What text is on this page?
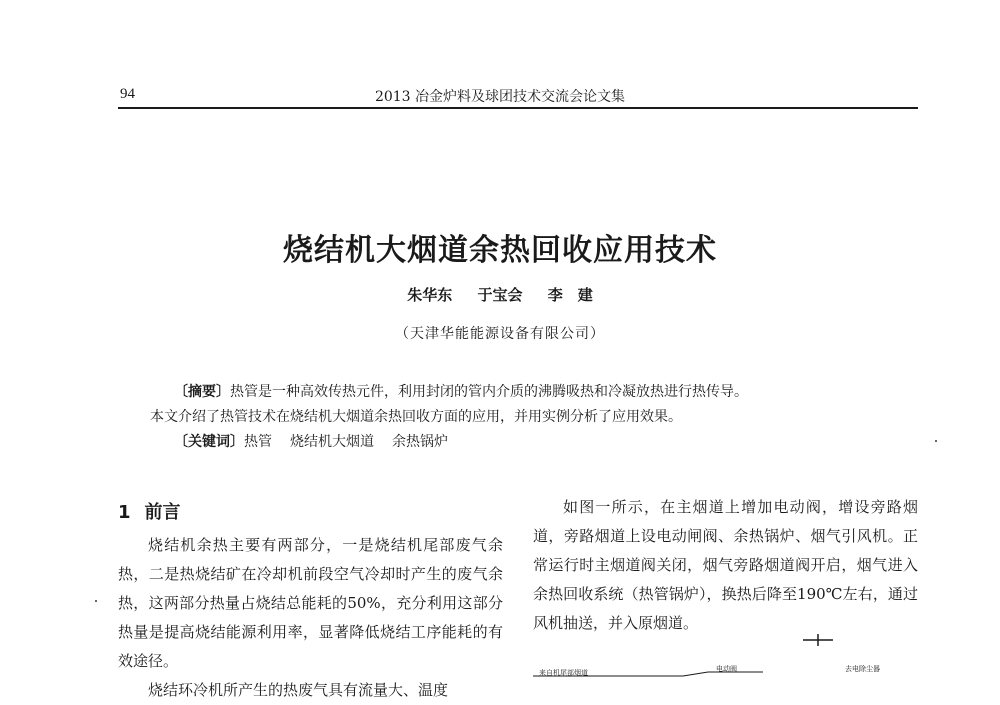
94	2013 冶金炉料及球团技术交流会论文集
烧结机大烟道余热回收应用技术
朱华东 于宝会 李　建
（天津华能能源设备有限公司）
〔摘要〕热管是一种高效传热元件，利用封闭的管内介质的沸腾吸热和冷凝放热进行热传导。
本文介绍了热管技术在烧结机大烟道余热回收方面的应用，并用实例分析了应用效果。
〔关键词〕热管 烧结机大烟道 余热锅炉
1 前言

烧结机余热主要有两部分，一是烧结机尾部废气余热，二是热烧结矿在冷却机前段空气冷却时产生的废气余热，这两部分热量占烧结总能耗的50%，充分利用这部分热量是提高烧结能源利用率，显著降低烧结工序能耗的有效途径。

烧结环冷机所产生的热废气具有流量大、温度

如图一所示，在主烟道上增加电动阀，增设旁路烟道，旁路烟道上设电动闸阀、余热锅炉、烟气引风机。正常运行时主烟道阀关闭，烟气旁路烟道阀开启，烟气进入余热回收系统（热管锅炉），换热后降至190℃左右，通过风机抽送，并入原烟道。

来自机尾部烟道	电动阀	去电除尘器
